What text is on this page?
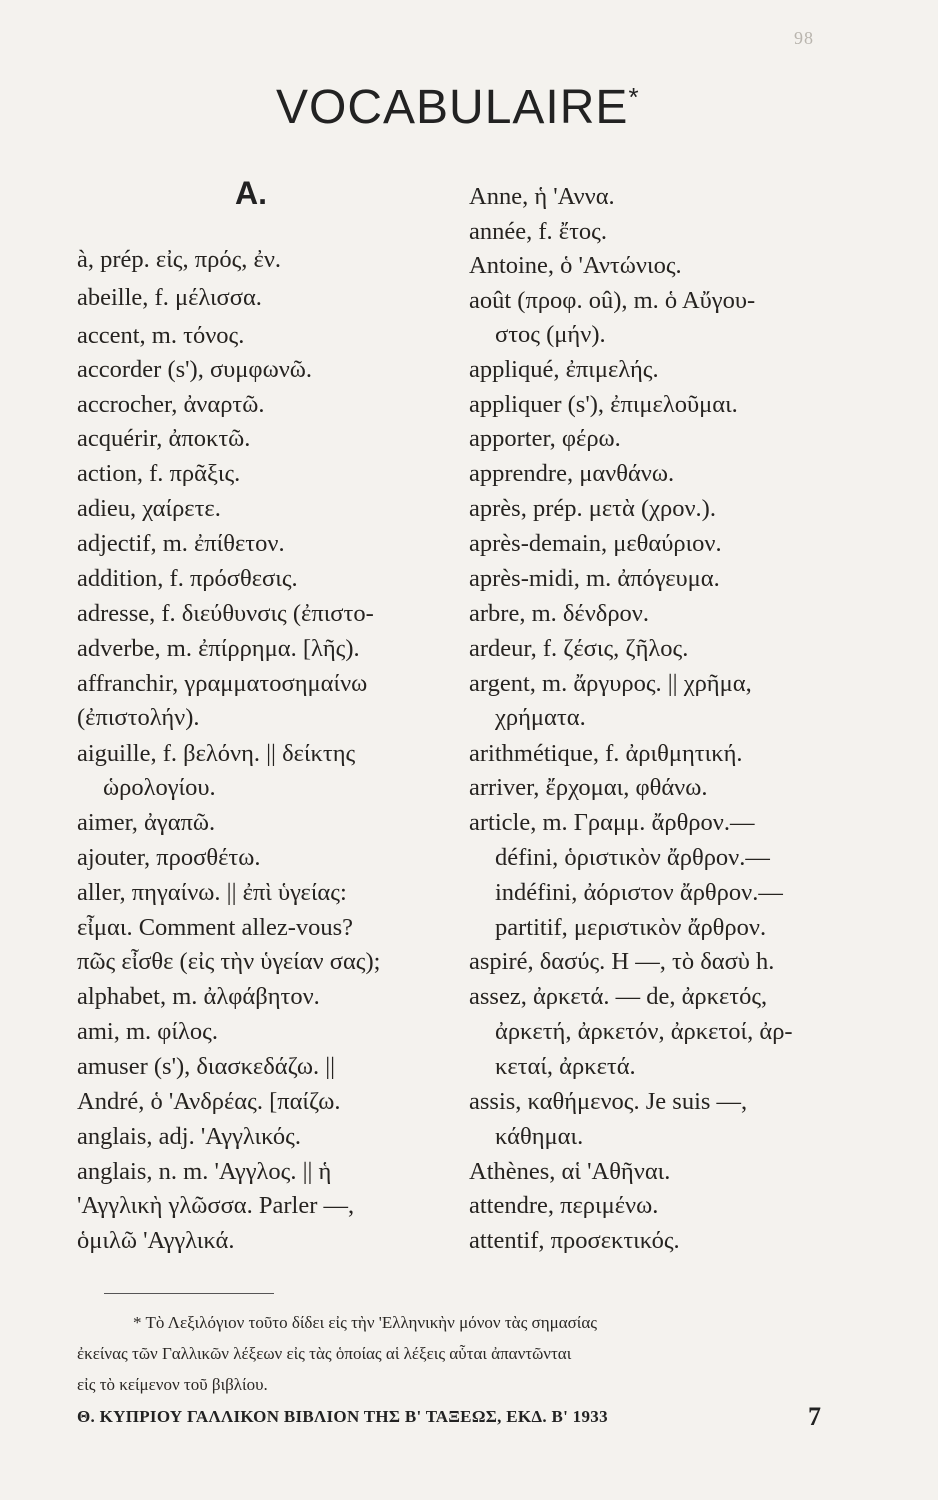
98
VOCABULAIRE*
A.
à, prép. εἰς, πρός, ἐν.
abeille, f. μέλισσα.
accent, m. τόνος.
accorder (s'), συμφωνῶ.
accrocher, ἀναρτῶ.
acquérir, ἀποκτῶ.
action, f. πρᾶξις.
adieu, χαίρετε.
adjectif, m. ἐπίθετον.
addition, f. πρόσθεσις.
adresse, f. διεύθυνσις (ἐπιστο-
adverbe, m. ἐπίρρημα. [λῆς).
affranchir, γραμματοσημαίνω
(ἐπιστολήν).
aiguille, f. βελόνη. || δείκτης
ὡρολογίου.
aimer, ἀγαπῶ.
ajouter, προσθέτω.
aller, πηγαίνω. || ἐπὶ ὑγείας:
εἶμαι. Comment allez-vous?
πῶς εἶσθε (εἰς τὴν ὑγείαν σας);
alphabet, m. ἀλφάβητον.
ami, m. φίλος.
amuser (s'), διασκεδάζω. ||
André, ὁ 'Ανδρέας. [παίζω.
anglais, adj. 'Αγγλικός.
anglais, n. m. 'Αγγλος. || ἡ
'Αγγλικὴ γλῶσσα. Parler —,
ὁμιλῶ 'Αγγλικά.
Anne, ἡ 'Αννα.
année, f. ἔτος.
Antoine, ὁ 'Αντώνιος.
août (προφ. oû), m. ὁ Αὔγου-
στος (μήν).
appliqué, ἐπιμελής.
appliquer (s'), ἐπιμελοῦμαι.
apporter, φέρω.
apprendre, μανθάνω.
après, prép. μετὰ (χρον.).
après-demain, μεθαύριον.
après-midi, m. ἀπόγευμα.
arbre, m. δένδρον.
ardeur, f. ζέσις, ζῆλος.
argent, m. ἄργυρος. || χρῆμα,
χρήματα.
arithmétique, f. ἀριθμητική.
arriver, ἔρχομαι, φθάνω.
article, m. Γραμμ. ἄρθρον.—
défini, ὁριστικὸν ἄρθρον.—
indéfini, ἀόριστον ἄρθρον.—
partitif, μεριστικὸν ἄρθρον.
aspiré, δασύς. H —, τὸ δασὺ h.
assez, ἀρκετά. — de, ἀρκετός,
ἀρκετή, ἀρκετόν, ἀρκετοί, ἀρ-
κεταί, ἀρκετά.
assis, καθήμενος. Je suis —,
κάθημαι.
Athènes, αἱ 'Αθῆναι.
attendre, περιμένω.
attentif, προσεκτικός.
* Τὸ Λεξιλόγιον τοῦτο δίδει εἰς τὴν 'Ελληνικὴν μόνον τὰς σημασίας
ἐκείνας τῶν Γαλλικῶν λέξεων εἰς τὰς ὁποίας αἱ λέξεις αὗται ἀπαντῶνται
εἰς τὸ κείμενον τοῦ βιβλίου.
Θ. ΚΥΠΡΙΟΥ ΓΑΛΛΙΚΟΝ ΒΙΒΛΙΟΝ ΤΗΣ Β' ΤΑΞΕΩΣ, ΕΚΔ. Β' 1933	7
